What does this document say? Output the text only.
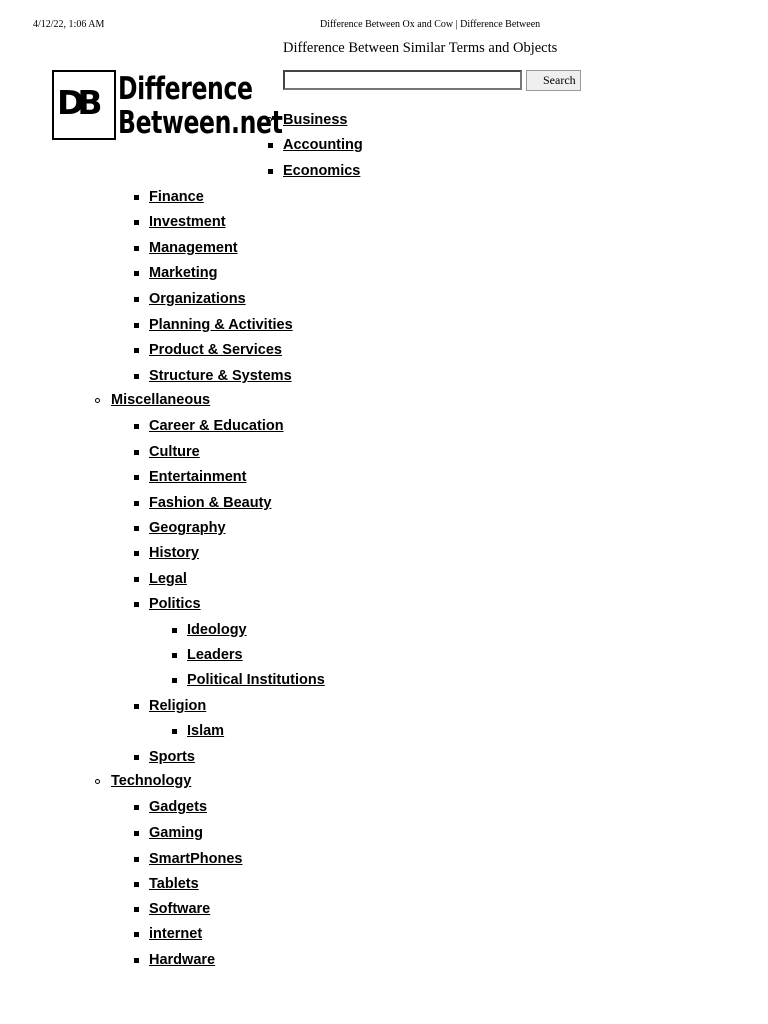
4/12/22, 1:06 AM	Difference Between Ox and Cow | Difference Between
Difference Between Similar Terms and Objects
DB Difference
Between.net
Search
Business
Accounting
Economics
Finance
Investment
Management
Marketing
Organizations
Planning & Activities
Product & Services
Structure & Systems
Miscellaneous
Career & Education
Culture
Entertainment
Fashion & Beauty
Geography
History
Legal
Politics
Ideology
Leaders
Political Institutions
Religion
Islam
Sports
Technology
Gadgets
Gaming
SmartPhones
Tablets
Software
internet
Hardware
